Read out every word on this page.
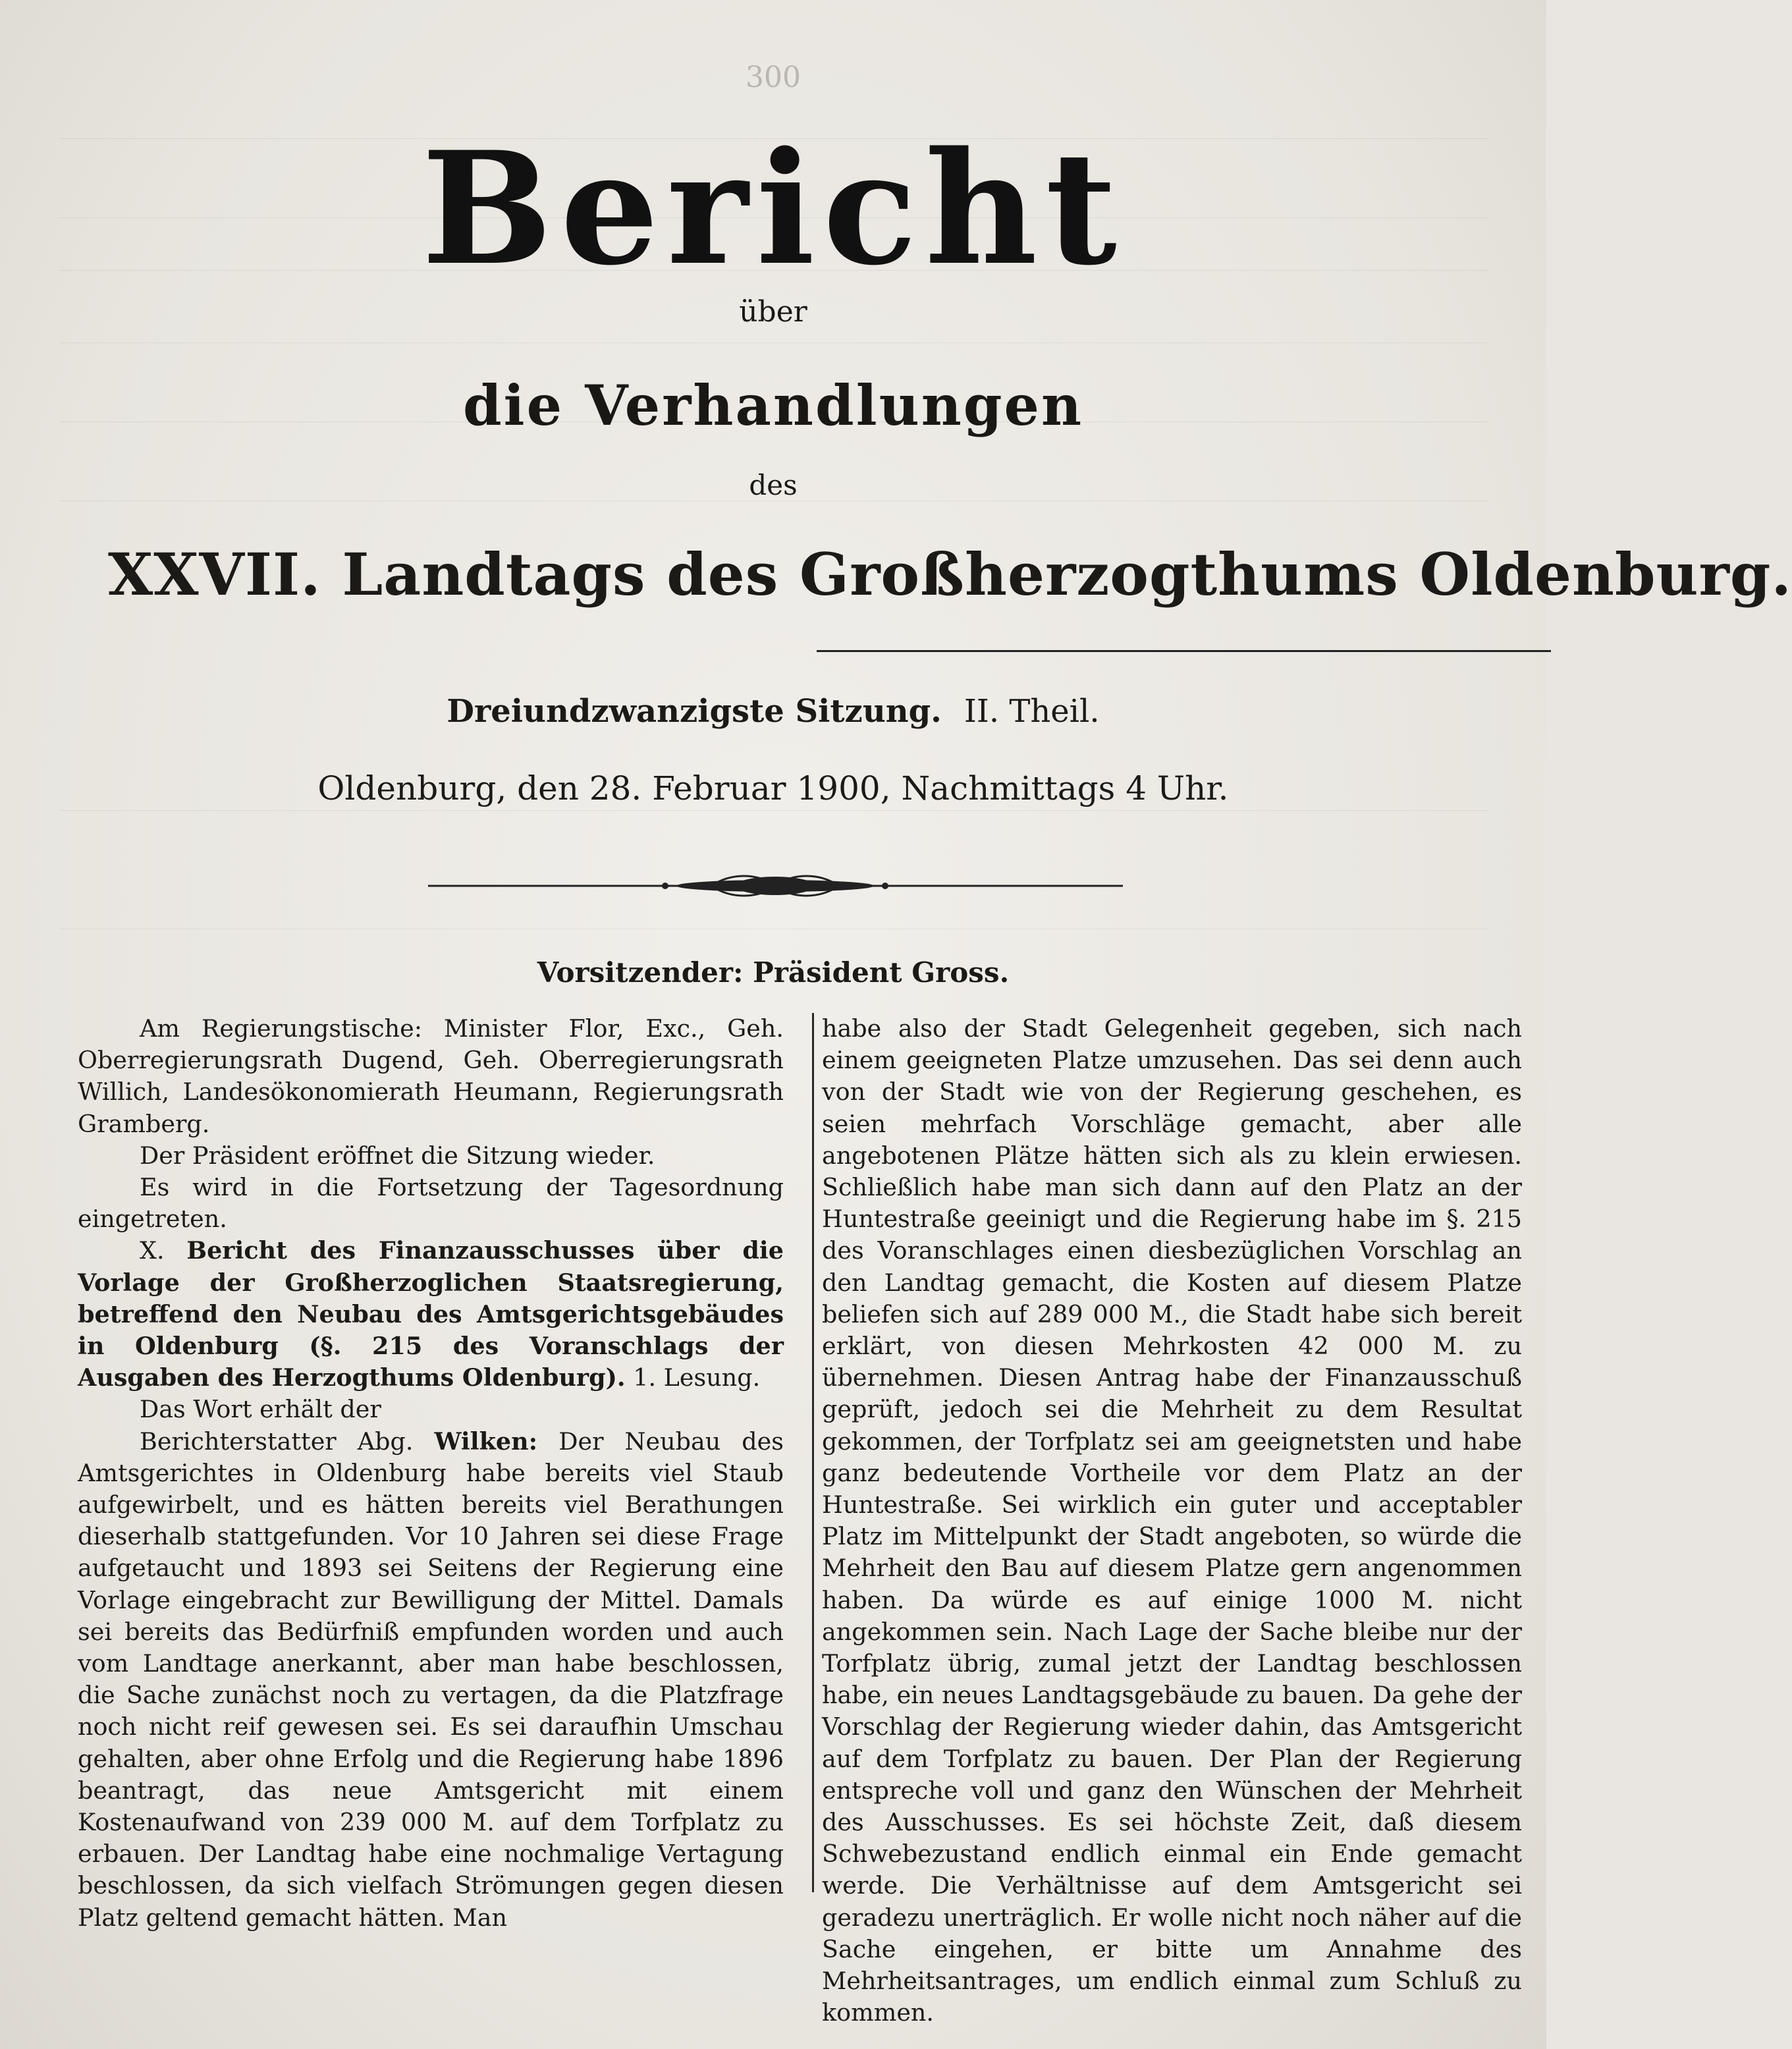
300
Bericht
über
die Verhandlungen
des
XXVII. Landtags des Großherzogthums Oldenburg.
Dreiundzwanzigste Sitzung. II. Theil.
Oldenburg, den 28. Februar 1900, Nachmittags 4 Uhr.
Vorsitzender: Präsident Gross.

Am Regierungstische: Minister Flor, Exc., Geh. Oberregierungsrath Dugend, Geh. Oberregierungsrath Willich, Landesökonomierath Heumann, Regierungsrath Gramberg.

Der Präsident eröffnet die Sitzung wieder.

Es wird in die Fortsetzung der Tagesordnung eingetreten.

X. Bericht des Finanzausschusses über die Vorlage der Großherzoglichen Staatsregierung, betreffend den Neubau des Amtsgerichtsgebäudes in Oldenburg (§. 215 des Voranschlags der Ausgaben des Herzogthums Oldenburg). 1. Lesung.

Das Wort erhält der

Berichterstatter Abg. Wilken: Der Neubau des Amtsgerichtes in Oldenburg habe bereits viel Staub aufgewirbelt, und es hätten bereits viel Berathungen dieserhalb stattgefunden. Vor 10 Jahren sei diese Frage aufgetaucht und 1893 sei Seitens der Regierung eine Vorlage eingebracht zur Bewilligung der Mittel. Damals sei bereits das Bedürfniß empfunden worden und auch vom Landtage anerkannt, aber man habe beschlossen, die Sache zunächst noch zu vertagen, da die Platzfrage noch nicht reif gewesen sei. Es sei daraufhin Umschau gehalten, aber ohne Erfolg und die Regierung habe 1896 beantragt, das neue Amtsgericht mit einem Kostenaufwand von 239 000 M. auf dem Torfplatz zu erbauen. Der Landtag habe eine nochmalige Vertagung beschlossen, da sich vielfach Strömungen gegen diesen Platz geltend gemacht hätten. Man

habe also der Stadt Gelegenheit gegeben, sich nach einem geeigneten Platze umzusehen. Das sei denn auch von der Stadt wie von der Regierung geschehen, es seien mehrfach Vorschläge gemacht, aber alle angebotenen Plätze hätten sich als zu klein erwiesen. Schließlich habe man sich dann auf den Platz an der Huntestraße geeinigt und die Regierung habe im §. 215 des Voranschlages einen diesbezüglichen Vorschlag an den Landtag gemacht, die Kosten auf diesem Platze beliefen sich auf 289 000 M., die Stadt habe sich bereit erklärt, von diesen Mehrkosten 42 000 M. zu übernehmen. Diesen Antrag habe der Finanzausschuß geprüft, jedoch sei die Mehrheit zu dem Resultat gekommen, der Torfplatz sei am geeignetsten und habe ganz bedeutende Vortheile vor dem Platz an der Huntestraße. Sei wirklich ein guter und acceptabler Platz im Mittelpunkt der Stadt angeboten, so würde die Mehrheit den Bau auf diesem Platze gern angenommen haben. Da würde es auf einige 1000 M. nicht angekommen sein. Nach Lage der Sache bleibe nur der Torfplatz übrig, zumal jetzt der Landtag beschlossen habe, ein neues Landtagsgebäude zu bauen. Da gehe der Vorschlag der Regierung wieder dahin, das Amtsgericht auf dem Torfplatz zu bauen. Der Plan der Regierung entspreche voll und ganz den Wünschen der Mehrheit des Ausschusses. Es sei höchste Zeit, daß diesem Schwebezustand endlich einmal ein Ende gemacht werde. Die Verhältnisse auf dem Amtsgericht sei geradezu unerträglich. Er wolle nicht noch näher auf die Sache eingehen, er bitte um Annahme des Mehrheitsantrages, um endlich einmal zum Schluß zu kommen.
